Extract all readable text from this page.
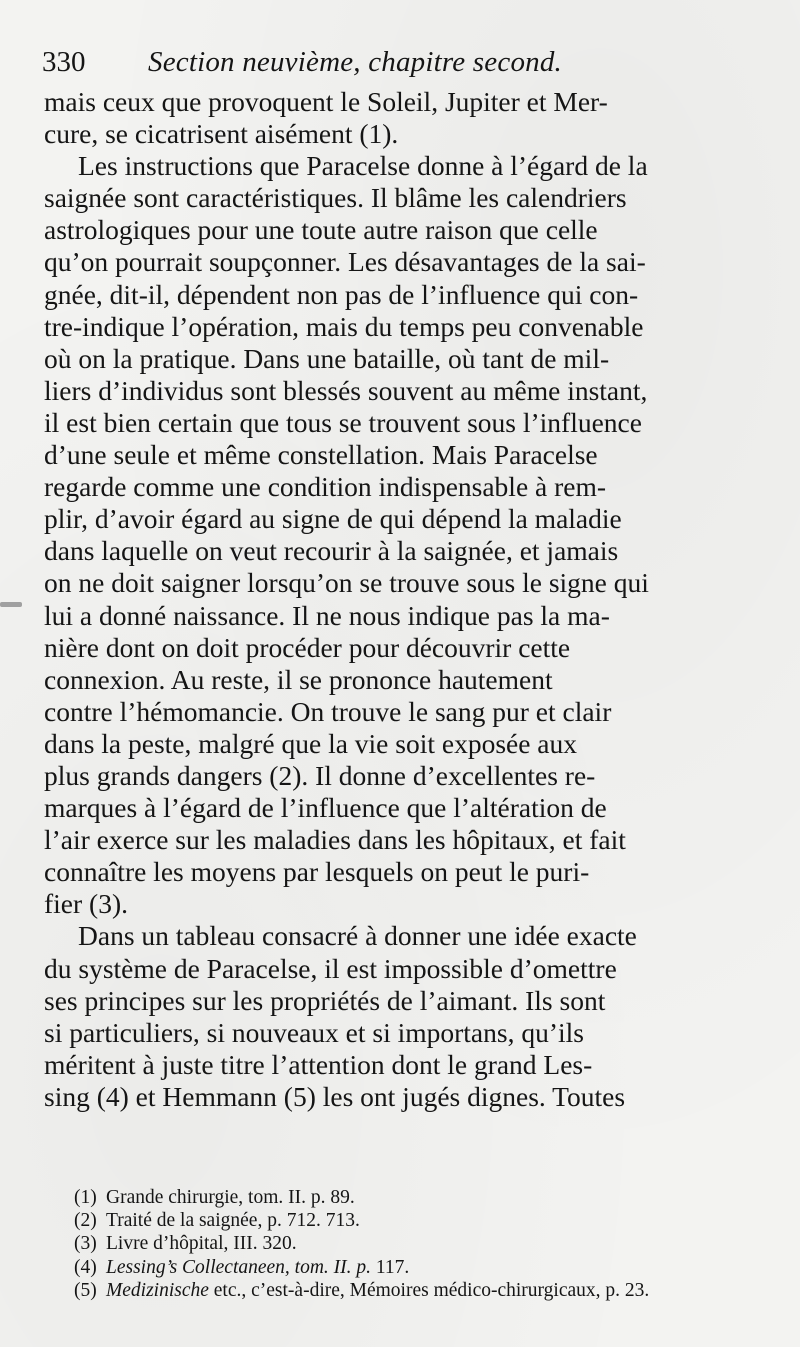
330 Section neuvième, chapitre second.
mais ceux que provoquent le Soleil, Jupiter et Mer-
cure, se cicatrisent aisément (1).
Les instructions que Paracelse donne à l’égard de la
saignée sont caractéristiques. Il blâme les calendriers
astrologiques pour une toute autre raison que celle
qu’on pourrait soupçonner. Les désavantages de la sai-
gnée, dit-il, dépendent non pas de l’influence qui con-
tre-indique l’opération, mais du temps peu convenable
où on la pratique. Dans une bataille, où tant de mil-
liers d’individus sont blessés souvent au même instant,
il est bien certain que tous se trouvent sous l’influence
d’une seule et même constellation. Mais Paracelse
regarde comme une condition indispensable à rem-
plir, d’avoir égard au signe de qui dépend la maladie
dans laquelle on veut recourir à la saignée, et jamais
on ne doit saigner lorsqu’on se trouve sous le signe qui
lui a donné naissance. Il ne nous indique pas la ma-
nière dont on doit procéder pour découvrir cette
connexion. Au reste, il se prononce hautement
contre l’hémomancie. On trouve le sang pur et clair
dans la peste, malgré que la vie soit exposée aux
plus grands dangers (2). Il donne d’excellentes re-
marques à l’égard de l’influence que l’altération de
l’air exerce sur les maladies dans les hôpitaux, et fait
connaître les moyens par lesquels on peut le puri-
fier (3).
Dans un tableau consacré à donner une idée exacte
du système de Paracelse, il est impossible d’omettre
ses principes sur les propriétés de l’aimant. Ils sont
si particuliers, si nouveaux et si importans, qu’ils
méritent à juste titre l’attention dont le grand Les-
sing (4) et Hemmann (5) les ont jugés dignes. Toutes
(1) Grande chirurgie, tom. II. p. 89.
(2) Traité de la saignée, p. 712. 713.
(3) Livre d’hôpital, III. 320.
(4) Lessing’s Collectaneen, tom. II. p. 117.
(5) Medizinische etc., c’est-à-dire, Mémoires médico-chirurgicaux, p. 23.
